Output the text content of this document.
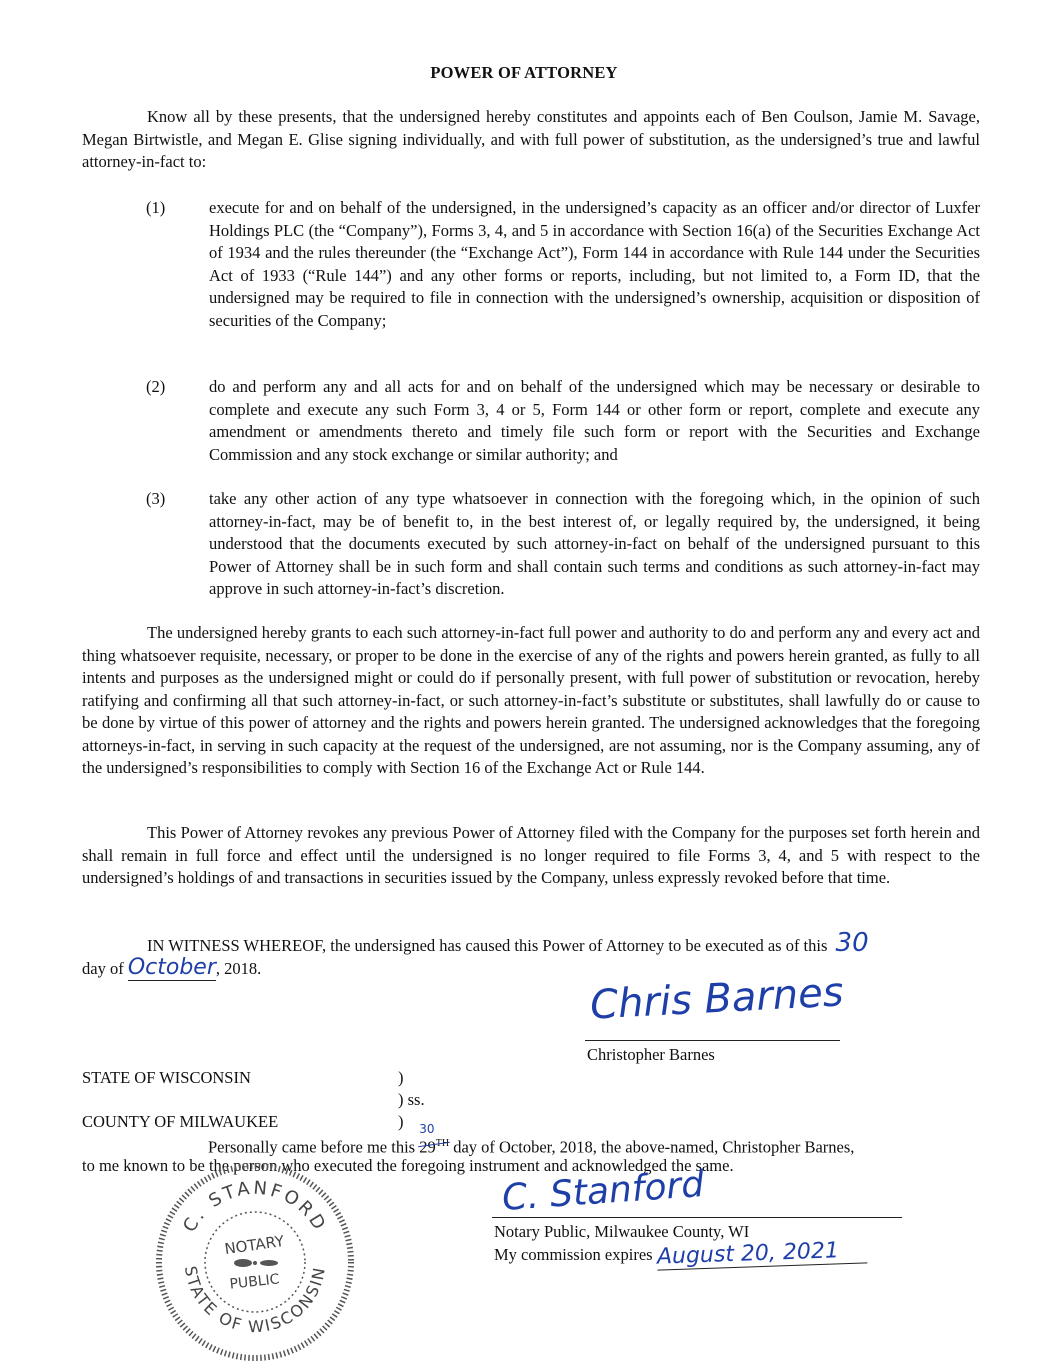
POWER OF ATTORNEY
Know all by these presents, that the undersigned hereby constitutes and appoints each of Ben Coulson, Jamie M. Savage, Megan Birtwistle, and Megan E. Glise signing individually, and with full power of substitution, as the undersigned’s true and lawful attorney-in-fact to:
(1)	execute for and on behalf of the undersigned, in the undersigned’s capacity as an officer and/or director of Luxfer Holdings PLC (the “Company”), Forms 3, 4, and 5 in accordance with Section 16(a) of the Securities Exchange Act of 1934 and the rules thereunder (the “Exchange Act”), Form 144 in accordance with Rule 144 under the Securities Act of 1933 (“Rule 144”) and any other forms or reports, including, but not limited to, a Form ID, that the undersigned may be required to file in connection with the undersigned’s ownership, acquisition or disposition of securities of the Company;
(2)	do and perform any and all acts for and on behalf of the undersigned which may be necessary or desirable to complete and execute any such Form 3, 4 or 5, Form 144 or other form or report, complete and execute any amendment or amendments thereto and timely file such form or report with the Securities and Exchange Commission and any stock exchange or similar authority; and
(3)	take any other action of any type whatsoever in connection with the foregoing which, in the opinion of such attorney-in-fact, may be of benefit to, in the best interest of, or legally required by, the undersigned, it being understood that the documents executed by such attorney-in-fact on behalf of the undersigned pursuant to this Power of Attorney shall be in such form and shall contain such terms and conditions as such attorney-in-fact may approve in such attorney-in-fact’s discretion.
The undersigned hereby grants to each such attorney-in-fact full power and authority to do and perform any and every act and thing whatsoever requisite, necessary, or proper to be done in the exercise of any of the rights and powers herein granted, as fully to all intents and purposes as the undersigned might or could do if personally present, with full power of substitution or revocation, hereby ratifying and confirming all that such attorney-in-fact, or such attorney-in-fact’s substitute or substitutes, shall lawfully do or cause to be done by virtue of this power of attorney and the rights and powers herein granted. The undersigned acknowledges that the foregoing attorneys-in-fact, in serving in such capacity at the request of the undersigned, are not assuming, nor is the Company assuming, any of the undersigned’s responsibilities to comply with Section 16 of the Exchange Act or Rule 144.
This Power of Attorney revokes any previous Power of Attorney filed with the Company for the purposes set forth herein and shall remain in full force and effect until the undersigned is no longer required to file Forms 3, 4, and 5 with respect to the undersigned’s holdings of and transactions in securities issued by the Company, unless expressly revoked before that time.
IN WITNESS WHEREOF, the undersigned has caused this Power of Attorney to be executed as of this 30
day of October, 2018.
Chris Barnes
Christopher Barnes
STATE OF WISCONSIN	)
) ss.
COUNTY OF MILWAUKEE	)
Personally came before me this 29TH
30
day of October, 2018, the above-named, Christopher Barnes,
to me known to be the person who executed the foregoing instrument and acknowledged the same.
C. STANFORD
STATE OF WISCONSIN
NOTARY
PUBLIC
C. Stanford
Notary Public, Milwaukee County, WI
My commission expires August 20, 2021
